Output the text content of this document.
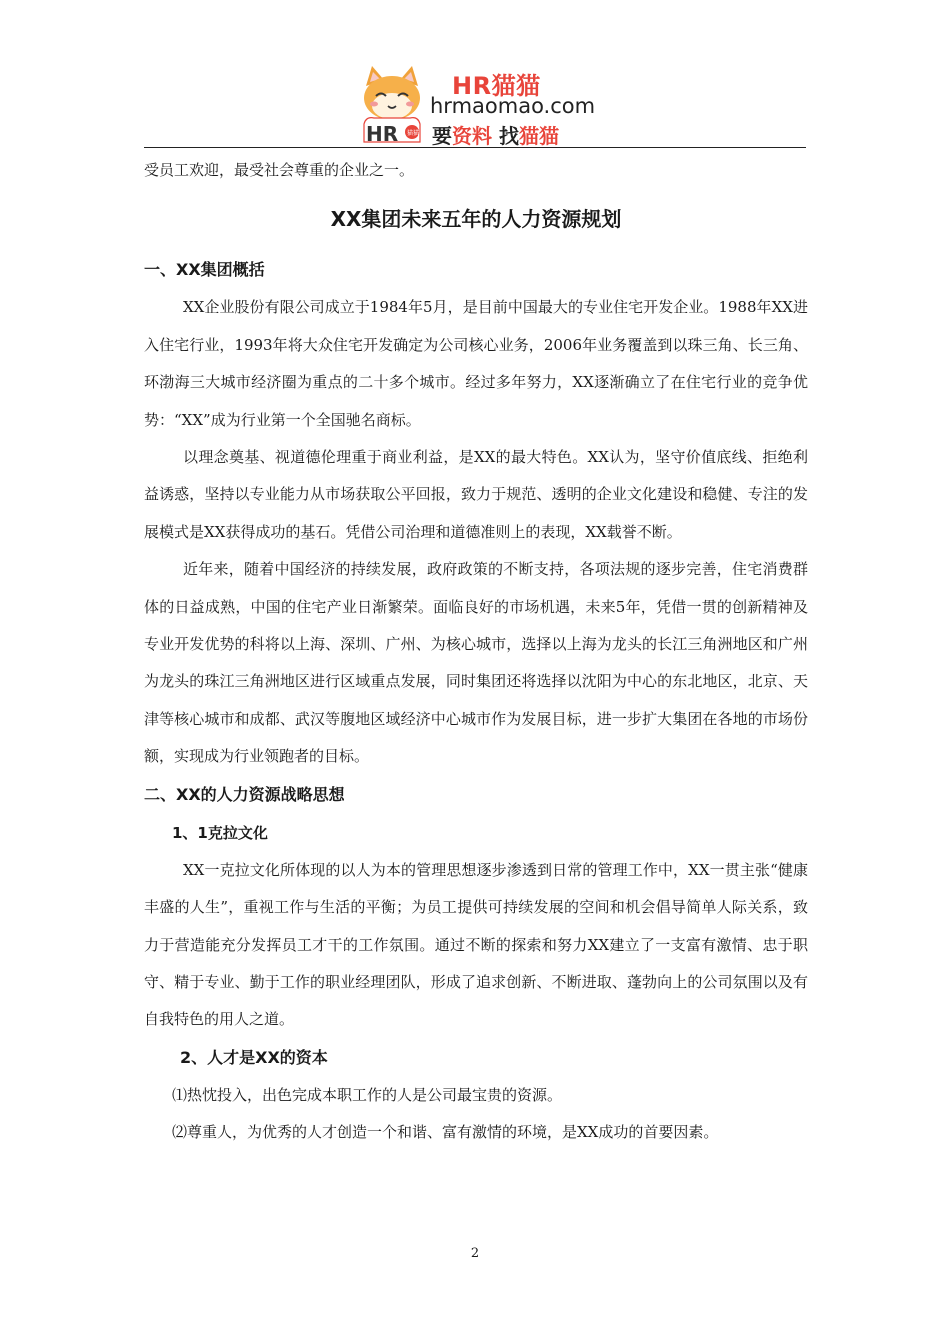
HR 猫猫
HR猫猫
hrmaomao.com
要资料 找猫猫
受员工欢迎，最受社会尊重的企业之一。
XX集团未来五年的人力资源规划
一、XX集团概括

XX企业股份有限公司成立于1984年5月，是目前中国最大的专业住宅开发企业。1988年XX进入住宅行业，1993年将大众住宅开发确定为公司核心业务，2006年业务覆盖到以珠三角、长三角、环渤海三大城市经济圈为重点的二十多个城市。经过多年努力，XX逐渐确立了在住宅行业的竞争优势：“XX”成为行业第一个全国驰名商标。

以理念奠基、视道德伦理重于商业利益，是XX的最大特色。XX认为，坚守价值底线、拒绝利益诱惑，坚持以专业能力从市场获取公平回报，致力于规范、透明的企业文化建设和稳健、专注的发展模式是XX获得成功的基石。凭借公司治理和道德准则上的表现，XX载誉不断。

近年来，随着中国经济的持续发展，政府政策的不断支持，各项法规的逐步完善，住宅消费群体的日益成熟，中国的住宅产业日渐繁荣。面临良好的市场机遇，未来5年，凭借一贯的创新精神及专业开发优势的科将以上海、深圳、广州、为核心城市，选择以上海为龙头的长江三角洲地区和广州为龙头的珠江三角洲地区进行区域重点发展，同时集团还将选择以沈阳为中心的东北地区，北京、天津等核心城市和成都、武汉等腹地区域经济中心城市作为发展目标，进一步扩大集团在各地的市场份额，实现成为行业领跑者的目标。

二、XX的人力资源战略思想
1、1克拉文化

XX一克拉文化所体现的以人为本的管理思想逐步渗透到日常的管理工作中，XX一贯主张“健康丰盛的人生”，重视工作与生活的平衡；为员工提供可持续发展的空间和机会倡导简单人际关系，致力于营造能充分发挥员工才干的工作氛围。通过不断的探索和努力XX建立了一支富有激情、忠于职守、精于专业、勤于工作的职业经理团队，形成了追求创新、不断进取、蓬勃向上的公司氛围以及有自我特色的用人之道。

2、人才是XX的资本

⑴热忱投入，出色完成本职工作的人是公司最宝贵的资源。

⑵尊重人，为优秀的人才创造一个和谐、富有激情的环境，是XX成功的首要因素。

2
